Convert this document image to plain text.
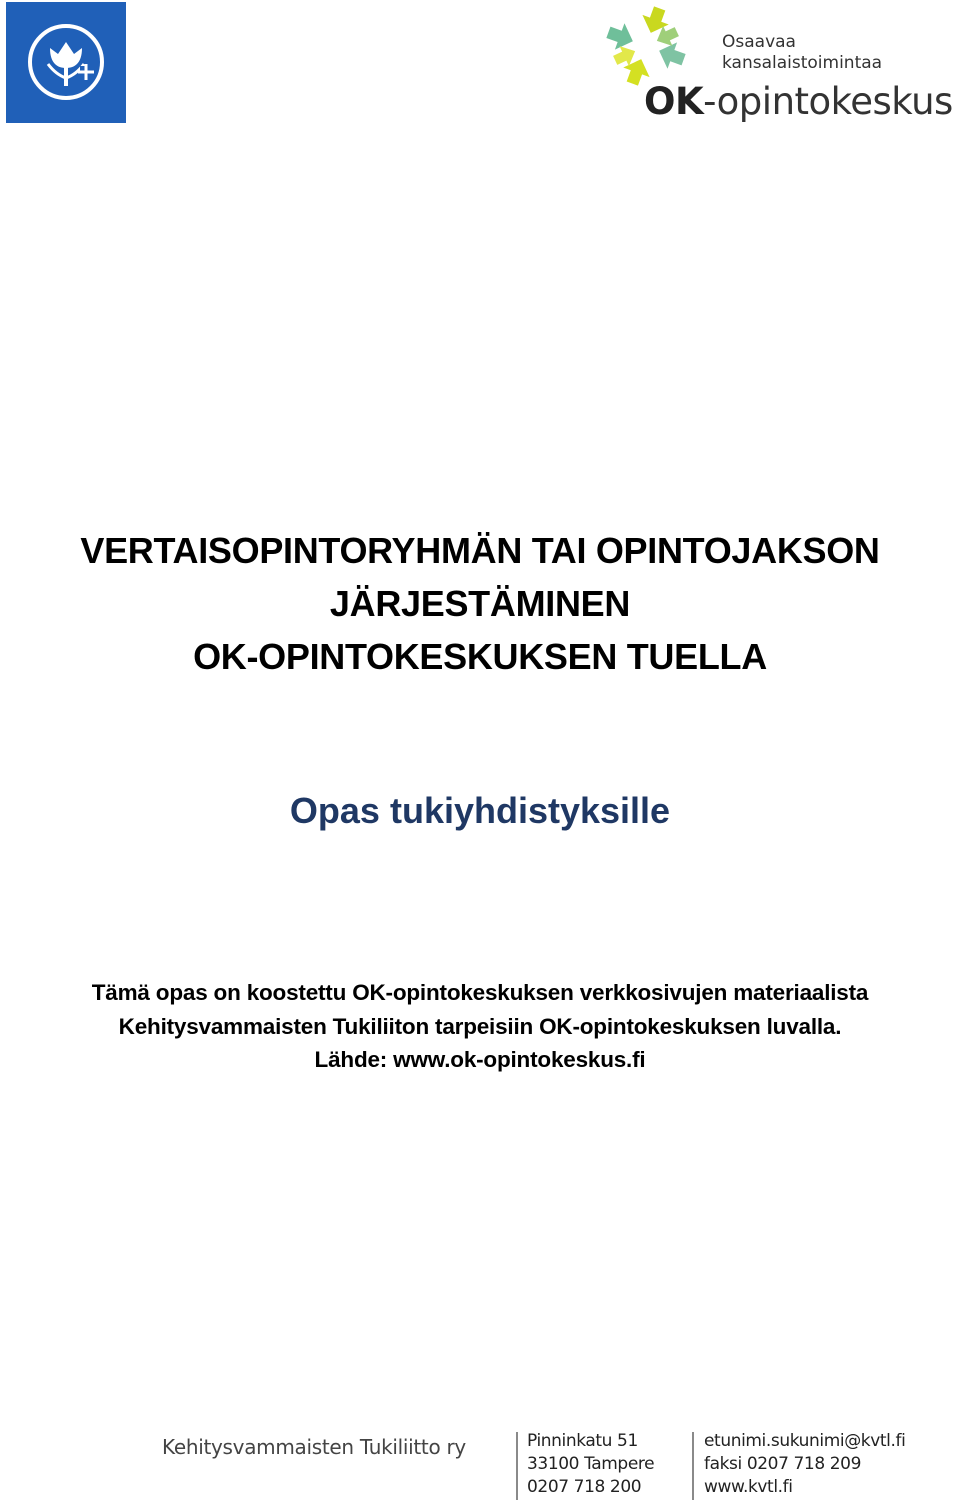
Osaavaa
kansalaistoimintaa
OK-opintokeskus
VERTAISOPINTORYHMÄN TAI OPINTOJAKSON
JÄRJESTÄMINEN
OK-OPINTOKESKUKSEN TUELLA
Opas tukiyhdistyksille
Tämä opas on koostettu OK-opintokeskuksen verkkosivujen materiaalista
Kehitysvammaisten Tukiliiton tarpeisiin OK-opintokeskuksen luvalla.
Lähde: www.ok-opintokeskus.fi
Kehitysvammaisten Tukiliitto ry	Pinninkatu 51
33100 Tampere
0207 718 200
etunimi.sukunimi@kvtl.fi
faksi 0207 718 209
www.kvtl.fi
